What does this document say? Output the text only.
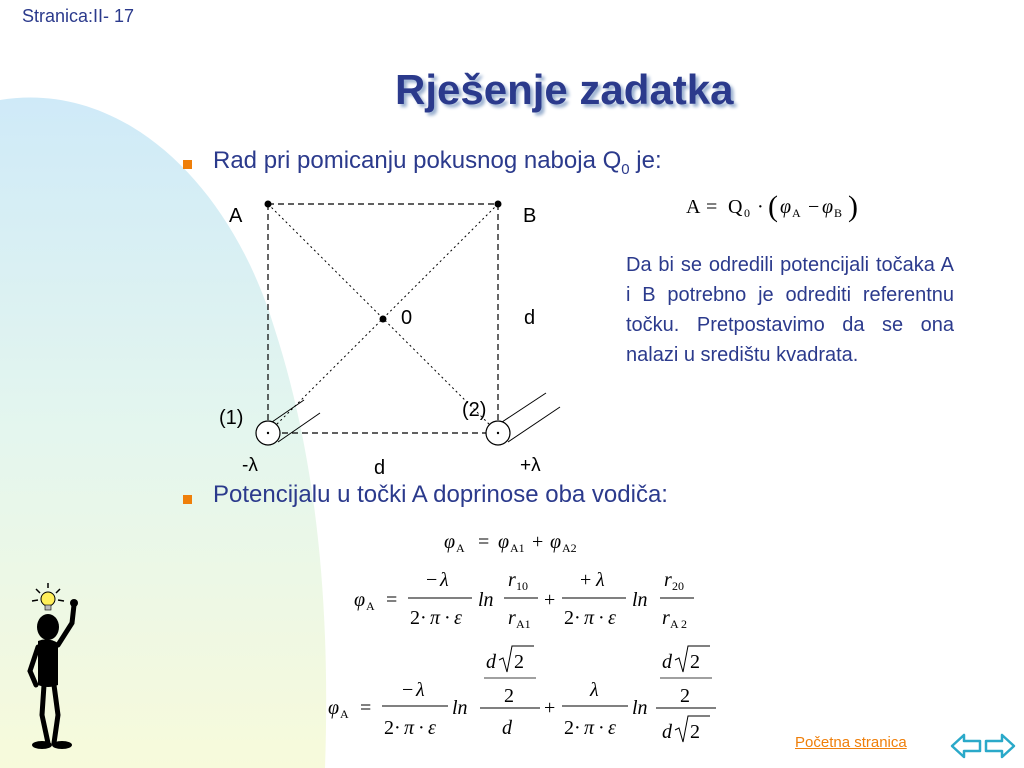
Stranica:II- 17
Rješenje zadatka
Rad pri pomicanju pokusnog naboja $Q_0$ je:
A = Q 0 · ( φ A − φ B )
Da bi se odredili potencijali točaka A i B potrebno je odrediti referentnu točku. Pretpostavimo da se ona nalazi u središtu kvadrata.
A	B
0	d
(1)	(2)
-λ	d	+λ
Potencijalu u točki A doprinose oba vodiča:
φ A = φ A1 + φ A2
φ A =
− λ
2· π · ε
ln
r 10
r A1
+
+ λ
2· π · ε
ln
r 20
r A 2
φ A =
− λ
2· π · ε
ln
d 2
2
d
+
λ
2· π · ε
ln
d 2
2
d 2	Početna stranica
